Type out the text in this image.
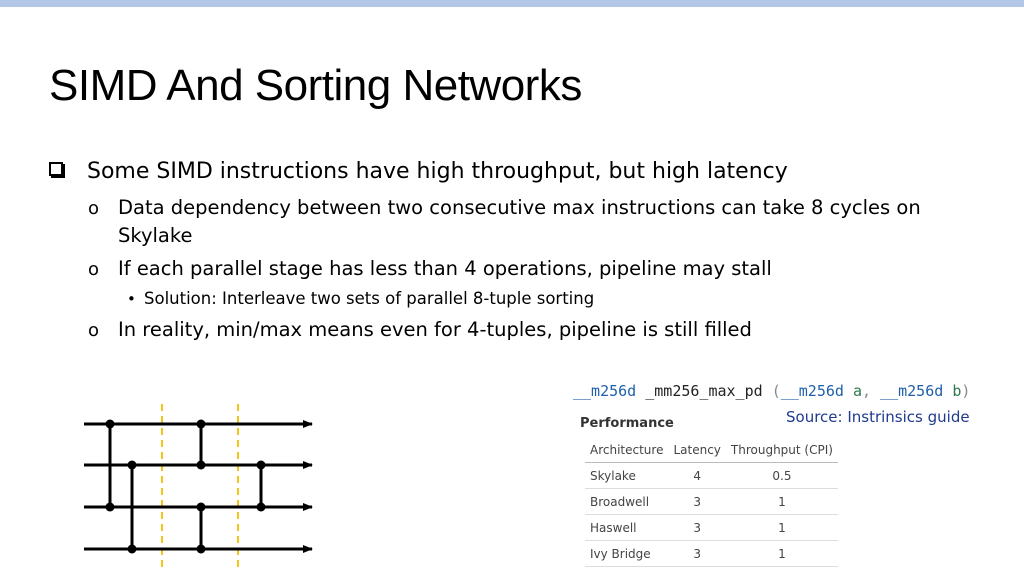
SIMD And Sorting Networks
Some SIMD instructions have high throughput, but high latency
o Data dependency between two consecutive max instructions can take 8 cycles on
Skylake
o If each parallel stage has less than 4 operations, pipeline may stall
• Solution: Interleave two sets of parallel 8-tuple sorting
o In reality, min/max means even for 4-tuples, pipeline is still filled
__m256d _mm256_max_pd (__m256d a, __m256d b)
Performance	Source: Instrinsics guide
Architecture	Latency	Throughput (CPI)
Skylake	4	0.5
Broadwell	3	1
Haswell	3	1
Ivy Bridge	3	1
